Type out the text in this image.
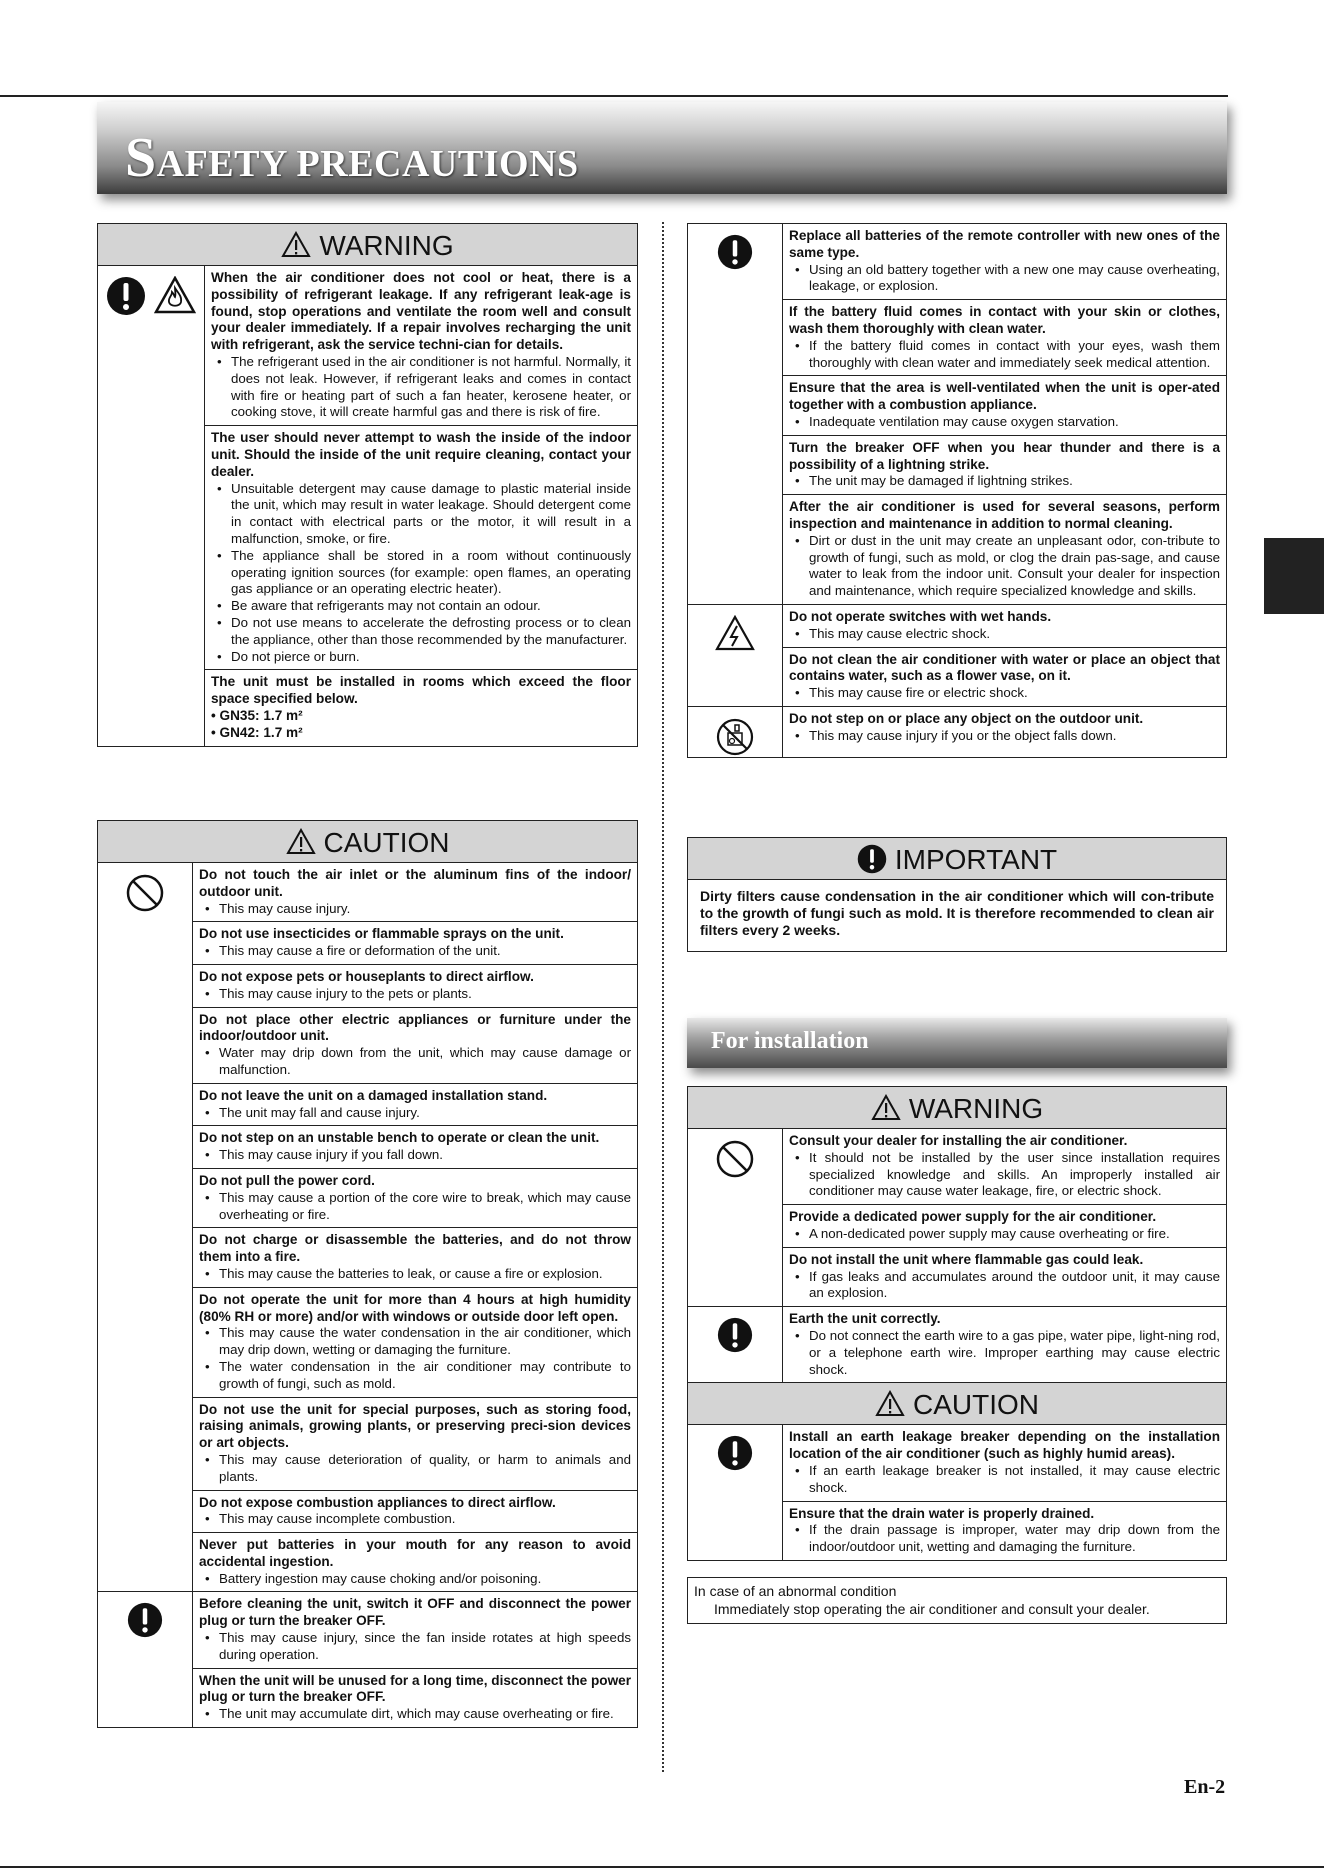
SAFETY PRECAUTIONS
WARNING
When the air conditioner does not cool or heat, there is a possibility of refrigerant leakage. If any refrigerant leak-age is found, stop operations and ventilate the room well and consult your dealer immediately. If a repair involves recharging the unit with refrigerant, ask the service techni-cian for details.
• The refrigerant used in the air conditioner is not harmful. Normally, it does not leak. However, if refrigerant leaks and comes in contact with fire or heating part of such a fan heater, kerosene heater, or cooking stove, it will create harmful gas and there is risk of fire.
The user should never attempt to wash the inside of the indoor unit. Should the inside of the unit require cleaning, contact your dealer.
• Unsuitable detergent may cause damage to plastic material inside the unit, which may result in water leakage. Should detergent come in contact with electrical parts or the motor, it will result in a malfunction, smoke, or fire.
• The appliance shall be stored in a room without continuously operating ignition sources (for example: open flames, an operating gas appliance or an operating electric heater).
• Be aware that refrigerants may not contain an odour.
• Do not use means to accelerate the defrosting process or to clean the appliance, other than those recommended by the manufacturer.
• Do not pierce or burn.
The unit must be installed in rooms which exceed the floor space specified below.
• GN35: 1.7 m²
• GN42: 1.7 m²
CAUTION
Do not touch the air inlet or the aluminum fins of the indoor/ outdoor unit.
• This may cause injury.
Do not use insecticides or flammable sprays on the unit.
• This may cause a fire or deformation of the unit.
Do not expose pets or houseplants to direct airflow.
• This may cause injury to the pets or plants.
Do not place other electric appliances or furniture under the indoor/outdoor unit.
• Water may drip down from the unit, which may cause damage or malfunction.
Do not leave the unit on a damaged installation stand.
• The unit may fall and cause injury.
Do not step on an unstable bench to operate or clean the unit.
• This may cause injury if you fall down.
Do not pull the power cord.
• This may cause a portion of the core wire to break, which may cause overheating or fire.
Do not charge or disassemble the batteries, and do not throw them into a fire.
• This may cause the batteries to leak, or cause a fire or explosion.
Do not operate the unit for more than 4 hours at high humidity (80% RH or more) and/or with windows or outside door left open.
• This may cause the water condensation in the air conditioner, which may drip down, wetting or damaging the furniture.
• The water condensation in the air conditioner may contribute to growth of fungi, such as mold.
Do not use the unit for special purposes, such as storing food, raising animals, growing plants, or preserving preci-sion devices or art objects.
• This may cause deterioration of quality, or harm to animals and plants.
Do not expose combustion appliances to direct airflow.
• This may cause incomplete combustion.
Never put batteries in your mouth for any reason to avoid accidental ingestion.
• Battery ingestion may cause choking and/or poisoning.
Before cleaning the unit, switch it OFF and disconnect the power plug or turn the breaker OFF.
• This may cause injury, since the fan inside rotates at high speeds during operation.
When the unit will be unused for a long time, disconnect the power plug or turn the breaker OFF.
• The unit may accumulate dirt, which may cause overheating or fire.
Replace all batteries of the remote controller with new ones of the same type.
• Using an old battery together with a new one may cause overheating, leakage, or explosion.
If the battery fluid comes in contact with your skin or clothes, wash them thoroughly with clean water.
• If the battery fluid comes in contact with your eyes, wash them thoroughly with clean water and immediately seek medical attention.
Ensure that the area is well-ventilated when the unit is oper-ated together with a combustion appliance.
• Inadequate ventilation may cause oxygen starvation.
Turn the breaker OFF when you hear thunder and there is a possibility of a lightning strike.
• The unit may be damaged if lightning strikes.
After the air conditioner is used for several seasons, perform inspection and maintenance in addition to normal cleaning.
• Dirt or dust in the unit may create an unpleasant odor, con-tribute to growth of fungi, such as mold, or clog the drain pas-sage, and cause water to leak from the indoor unit. Consult your dealer for inspection and maintenance, which require specialized knowledge and skills.
Do not operate switches with wet hands.
• This may cause electric shock.
Do not clean the air conditioner with water or place an object that contains water, such as a flower vase, on it.
• This may cause fire or electric shock.
Do not step on or place any object on the outdoor unit.
• This may cause injury if you or the object falls down.
IMPORTANT
Dirty filters cause condensation in the air conditioner which will con-tribute to the growth of fungi such as mold. It is therefore recommended to clean air filters every 2 weeks.
For installation
WARNING
Consult your dealer for installing the air conditioner.
• It should not be installed by the user since installation requires specialized knowledge and skills. An improperly installed air conditioner may cause water leakage, fire, or electric shock.
Provide a dedicated power supply for the air conditioner.
• A non-dedicated power supply may cause overheating or fire.
Do not install the unit where flammable gas could leak.
• If gas leaks and accumulates around the outdoor unit, it may cause an explosion.
Earth the unit correctly.
• Do not connect the earth wire to a gas pipe, water pipe, light-ning rod, or a telephone earth wire. Improper earthing may cause electric shock.
CAUTION
Install an earth leakage breaker depending on the installation location of the air conditioner (such as highly humid areas).
• If an earth leakage breaker is not installed, it may cause electric shock.
Ensure that the drain water is properly drained.
• If the drain passage is improper, water may drip down from the indoor/outdoor unit, wetting and damaging the furniture.
In case of an abnormal condition
Immediately stop operating the air conditioner and consult your dealer.
En-2
